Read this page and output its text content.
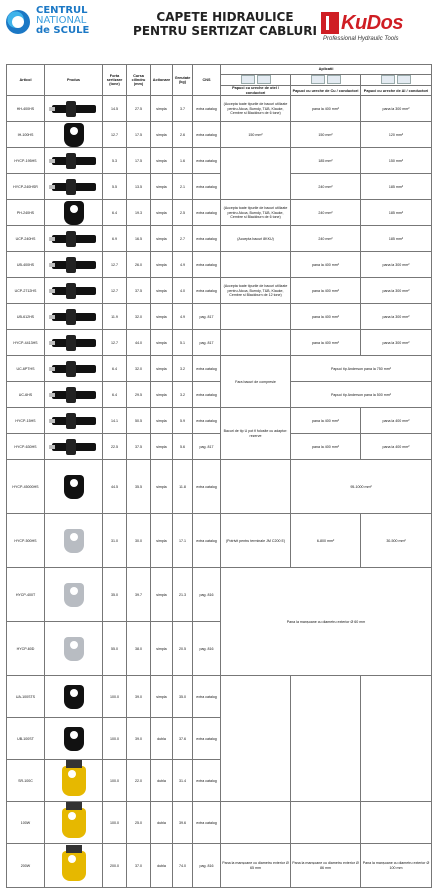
CENTRUL
NATIONAL
de SCULE
CAPETE HIDRAULICE
PENTRU SERTIZAT CABLURI KuDos
Professional Hydraulic Tools
Articol	Produs	Forta sertizare (tone)	Cursa cilindru (mm)	Actionare	Greutate (kg)	CNS	Aplicatii		

							Papuci cu ureche de otel / conductori	Papuci cu ureche de Cu / conductori	Papuci cu ureche de Al / conductori
HH-400HS		14.5	27.5	simpla	3.7	extra catalog	(Accepta toate tipurile de bacuri utilizate pentru Alcoa, Burndy, T&B, Klauke, Cembre si Blackburn de 6 tone)	pana la 400 mm²	pana la 300 mm²
IH-100HS		12.7	17.5	simpla	2.6	extra catalog	150 mm²	150 mm²	120 mm²
HYCP-195HS		5.3	17.5	simpla	1.6	extra catalog		185 mm²	150 mm²
HYCP-240HSR		5.5	13.5	simpla	2.1	extra catalog		240 mm²	185 mm²
PH-240HS		6.4	19.3	simpla	2.5	extra catalog	(Accepta toate tipurile de bacuri utilizate pentru Alcoa, Burndy, T&B, Klauke, Cembre si Blackburn de 6 tone)	240 mm²	185 mm²
UCP-240HS		6.9	16.5	simpla	2.7	extra catalog	(Accepta bacuri 8KKU)	240 mm²	185 mm²
UB-400HS		12.7	26.0	simpla	4.9	extra catalog		pana la 400 mm²	pana la 300 mm²
UCP-2712HS		12.7	37.5	simpla	4.0	extra catalog	(Accepta toate tipurile de bacuri utilizate pentru Alcoa, Burndy, T&B, Klauke, Cembre si Blackburn de 12 tone)	pana la 400 mm²	pana la 300 mm²
UB-612HS		11.9	32.0	simpla	4.9	pag. 817		pana la 400 mm²	pana la 300 mm²
HYCP-4413HS		12.7	44.0	simpla	5.1	pag. 817		pana la 400 mm²	pana la 300 mm²
UC-6PTHS		6.4	32.0	simpla	3.2	extra catalog	Fara bacuri de compresie	Papuci tip Anderson pana la 750 mm²	
UC-6HS		6.4	29.5	simpla	3.2	extra catalog		Papuci tip Anderson pana la 500 mm²	
HYCP-15HS		14.1	50.5	simpla	5.9	extra catalog	Bacuri de tip U pot fi folosite cu adaptor: rezerve	pana la 400 mm²	pana la 400 mm²
HYCP-630HS		22.5	37.5	simpla	5.6	pag. 817		pana la 400 mm²	pana la 400 mm²
HYCP-45000HS		44.5	35.5	simpla	11.8	extra catalog		95-1000 mm²	
HYCP-500HS		31.0	30.0	simpla	17.1	extra catalog	(Potrivit pentru terminale JM C200 E)	6-800 mm²	30-500 mm²
HYCP-400T		35.0	39.7	simpla	21.3	pag. 816	Pana la manșoane cu diametru exterior Ø 60 mm		
HYCP-60D		55.0	38.0	simpla	20.5	pag. 816			
UA-100STS		100.0	39.0	simpla	35.0	extra catalog			
UB-100ST		100.0	39.0	dubla	37.6	extra catalog			
SR-100C		100.0	22.0	dubla	31.4	extra catalog			
100W		100.0	25.0	dubla	39.6	extra catalog			
200W		200.0	37.0	dubla	74.0	pag. 816	Pana la manșoane cu diametru exterior Ø 65 mm	Pana la manșoane cu diametru exterior Ø 86 mm	Pana la manșoane cu diametru exterior Ø 100 mm
